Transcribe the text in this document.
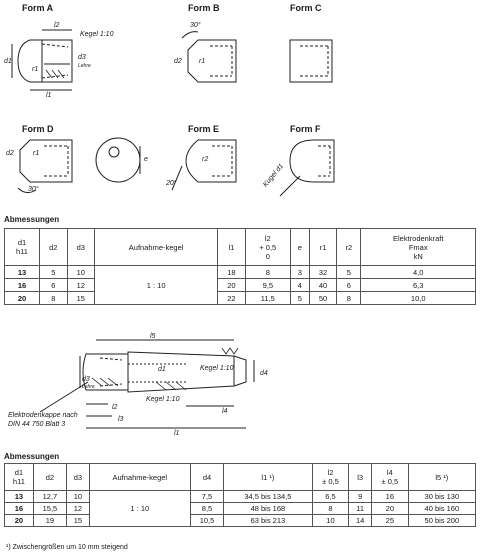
Form A
Kegel 1:10
l2
d1
r1
d3
Lehre
l1
Form B
30°
d2 r1
Form C
Form D
d2	r1
30°
e
Form E
r2
20°
Form F
Kugel d1
Abmessungen
d1
h11	d2	d3	Aufnahme-kegel	l1	l2
+ 0,5
0	e	r1	r2	Elektrodenkraft
Fmax
kN
13	5	10	1 : 10	18	8	3	32	5	4,0
16	6	12		20	9,5	4	40	6	6,3
20	8	15		22	11,5	5	50	8	10,0
l5
Kegel 1:10
Kegel 1:10
d1
d4
d3
Lehre
l2
l3
l4
l1
Elektrodenkappe nach
DIN 44 750 Blatt 3
Abmessungen
d1
h11	d2	d3	Aufnahme-kegel	d4	l1 ¹)	l2
± 0,5	l3	l4
± 0,5	l5 ¹)
13	12,7	10	1 : 10	7,5	34,5 bis 134,5	6,5	9	16	30 bis 130
16	15,5	12		8,5	48 bis 168	8	11	20	40 bis 160
20	19	15		10,5	63 bis 213	10	14	25	50 bis 200
¹) Zwischengrößen um 10 mm steigend
